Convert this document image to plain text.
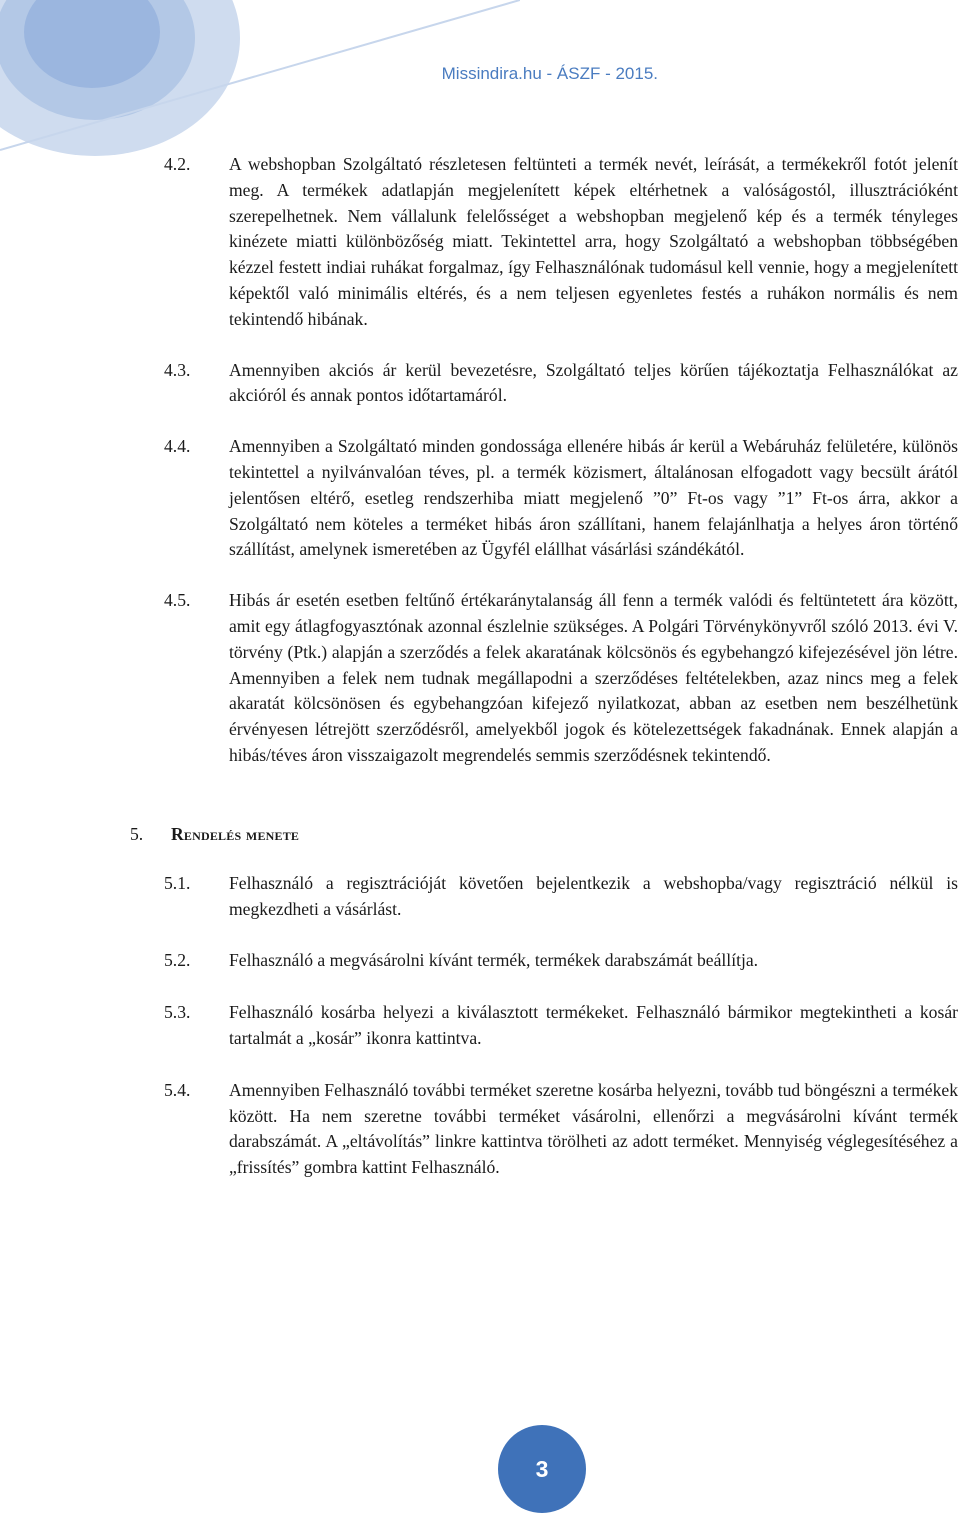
Missindira.hu - ÁSZF - 2015.
4.2.	A webshopban Szolgáltató részletesen feltünteti a termék nevét, leírását, a termékekről fotót jelenít meg. A termékek adatlapján megjelenített képek eltérhetnek a valóságostól, illusztrációként szerepelhetnek. Nem vállalunk felelősséget a webshopban megjelenő kép és a termék tényleges kinézete miatti különbözőség miatt. Tekintettel arra, hogy Szolgáltató a webshopban többségében kézzel festett indiai ruhákat forgalmaz, így Felhasználónak tudomásul kell vennie, hogy a megjelenített képektől való minimális eltérés, és a nem teljesen egyenletes festés a ruhákon normális és nem tekintendő hibának.
4.3.	Amennyiben akciós ár kerül bevezetésre, Szolgáltató teljes körűen tájékoztatja Felhasználókat az akcióról és annak pontos időtartamáról.
4.4.	Amennyiben a Szolgáltató minden gondossága ellenére hibás ár kerül a Webáruház felületére, különös tekintettel a nyilvánvalóan téves, pl. a termék közismert, általánosan elfogadott vagy becsült árától jelentősen eltérő, esetleg rendszerhiba miatt megjelenő ”0” Ft-os vagy ”1” Ft-os árra, akkor a Szolgáltató nem köteles a terméket hibás áron szállítani, hanem felajánlhatja a helyes áron történő szállítást, amelynek ismeretében az Ügyfél elállhat vásárlási szándékától.
4.5.	Hibás ár esetén esetben feltűnő értékaránytalanság áll fenn a termék valódi és feltüntetett ára között, amit egy átlagfogyasztónak azonnal észlelnie szükséges. A Polgári Törvénykönyvről szóló 2013. évi V. törvény (Ptk.) alapján a szerződés a felek akaratának kölcsönös és egybehangzó kifejezésével jön létre. Amennyiben a felek nem tudnak megállapodni a szerződéses feltételekben, azaz nincs meg a felek akaratát kölcsönösen és egybehangzóan kifejező nyilatkozat, abban az esetben nem beszélhetünk érvényesen létrejött szerződésről, amelyekből jogok és kötelezettségek fakadnának. Ennek alapján a hibás/téves áron visszaigazolt megrendelés semmis szerződésnek tekintendő.
5.	Rendelés menete
5.1.	Felhasználó a regisztrációját követően bejelentkezik a webshopba/vagy regisztráció nélkül is megkezdheti a vásárlást.
5.2.	Felhasználó a megvásárolni kívánt termék, termékek darabszámát beállítja.
5.3.	Felhasználó kosárba helyezi a kiválasztott termékeket. Felhasználó bármikor megtekintheti a kosár tartalmát a „kosár” ikonra kattintva.
5.4.	Amennyiben Felhasználó további terméket szeretne kosárba helyezni, tovább tud böngészni a termékek között. Ha nem szeretne további terméket vásárolni, ellenőrzi a megvásárolni kívánt termék darabszámát. A „eltávolítás” linkre kattintva törölheti az adott terméket. Mennyiség véglegesítéséhez a „frissítés” gombra kattint Felhasználó.
3
